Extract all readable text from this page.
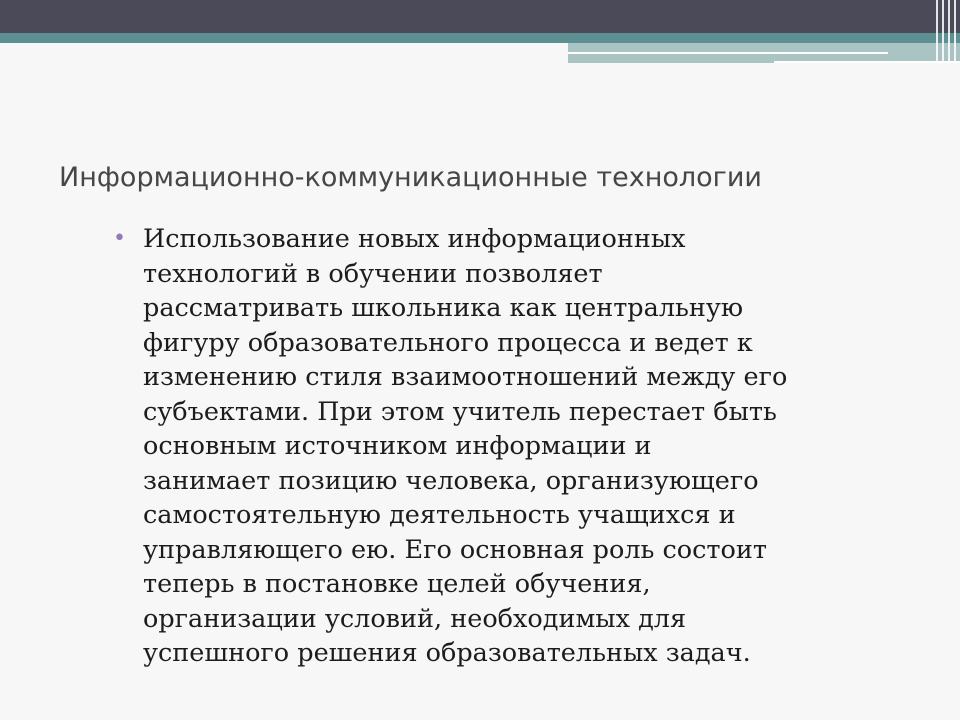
Информационно-коммуникационные технологии
• Использование новых информационных
технологий в обучении позволяет
рассматривать школьника как центральную
фигуру образовательного процесса и ведет к
изменению стиля взаимоотношений между его
субъектами. При этом учитель перестает быть
основным источником информации и
занимает позицию человека, организующего
самостоятельную деятельность учащихся и
управляющего ею. Его основная роль состоит
теперь в постановке целей обучения,
организации условий, необходимых для
успешного решения образовательных задач.
